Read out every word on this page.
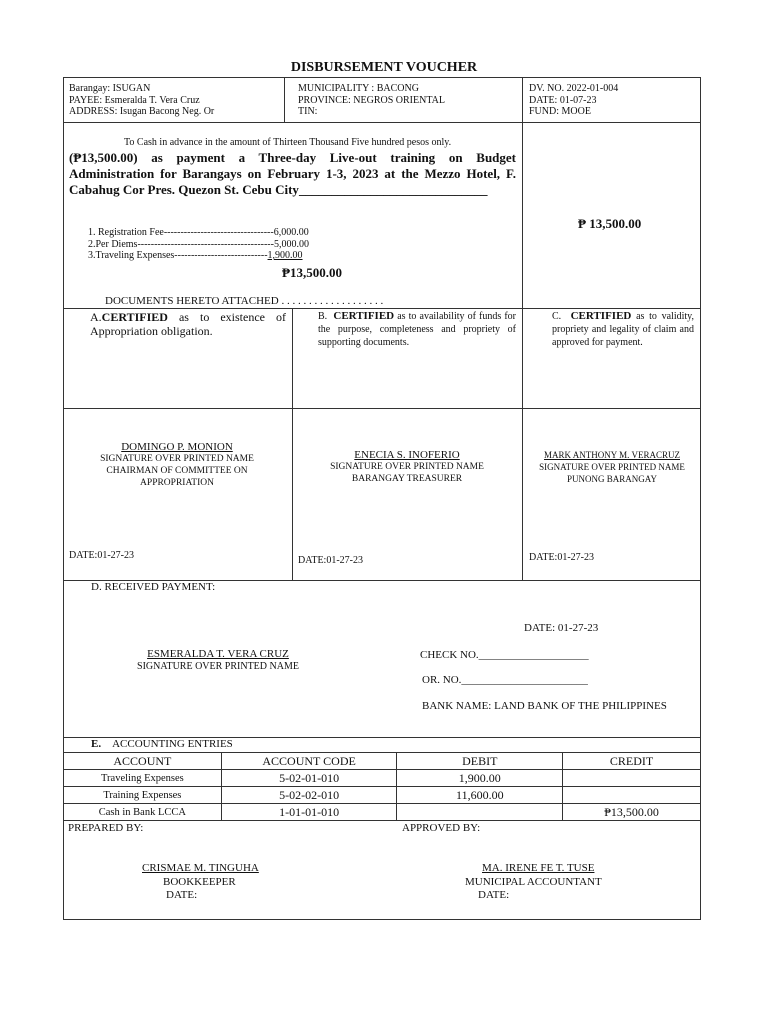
DISBURSEMENT VOUCHER
Barangay: ISUGAN
PAYEE: Esmeralda T. Vera Cruz
ADDRESS: Isugan Bacong Neg. Or
MUNICIPALITY : BACONG
PROVINCE: NEGROS ORIENTAL
TIN:
DV. NO. 2022-01-004
DATE: 01-07-23
FUND: MOOE
To Cash in advance in the amount of Thirteen Thousand Five hundred pesos only.
(₱13,500.00) as payment a Three-day Live-out training on Budget Administration for Barangays on February 1-3, 2023 at the Mezzo Hotel, F. Cabahug Cor Pres. Quezon St. Cebu City_____________________________
1. Registration Fee---------------------------------6,000.00
2.Per Diems-----------------------------------------5,000.00
3.Traveling Expenses----------------------------1,900.00
₱13,500.00
₱ 13,500.00
DOCUMENTS HERETO ATTACHED . . . . . . . . . . . . . . . . . . .
A.CERTIFIED as to existence of Appropriation obligation.
B. CERTIFIED as to availability of funds for the purpose, completeness and propriety of supporting documents.
C. CERTIFIED as to validity, propriety and legality of claim and approved for payment.
DOMINGO P. MONION
SIGNATURE OVER PRINTED NAME
CHAIRMAN OF COMMITTEE ON APPROPRIATION
ENECIA S. INOFERIO
SIGNATURE OVER PRINTED NAME
BARANGAY TREASURER
MARK ANTHONY M. VERACRUZ
SIGNATURE OVER PRINTED NAME
PUNONG BARANGAY
DATE:01-27-23	DATE:01-27-23	DATE:01-27-23
D. RECEIVED PAYMENT:
DATE: 01-27-23
ESMERALDA T. VERA CRUZ
SIGNATURE OVER PRINTED NAME
CHECK NO.____________________
OR. NO._______________________
BANK NAME: LAND BANK OF THE PHILIPPINES
E. ACCOUNTING ENTRIES
ACCOUNT	ACCOUNT CODE	DEBIT	CREDIT
Traveling Expenses	5-02-01-010	1,900.00	
Training Expenses	5-02-02-010	11,600.00	
Cash in Bank LCCA	1-01-01-010		₱13,500.00
PREPARED BY:	APPROVED BY:
CRISMAE M. TINGUHA
BOOKKEEPER
DATE:
MA. IRENE FE T. TUSE
MUNICIPAL ACCOUNTANT
DATE:
